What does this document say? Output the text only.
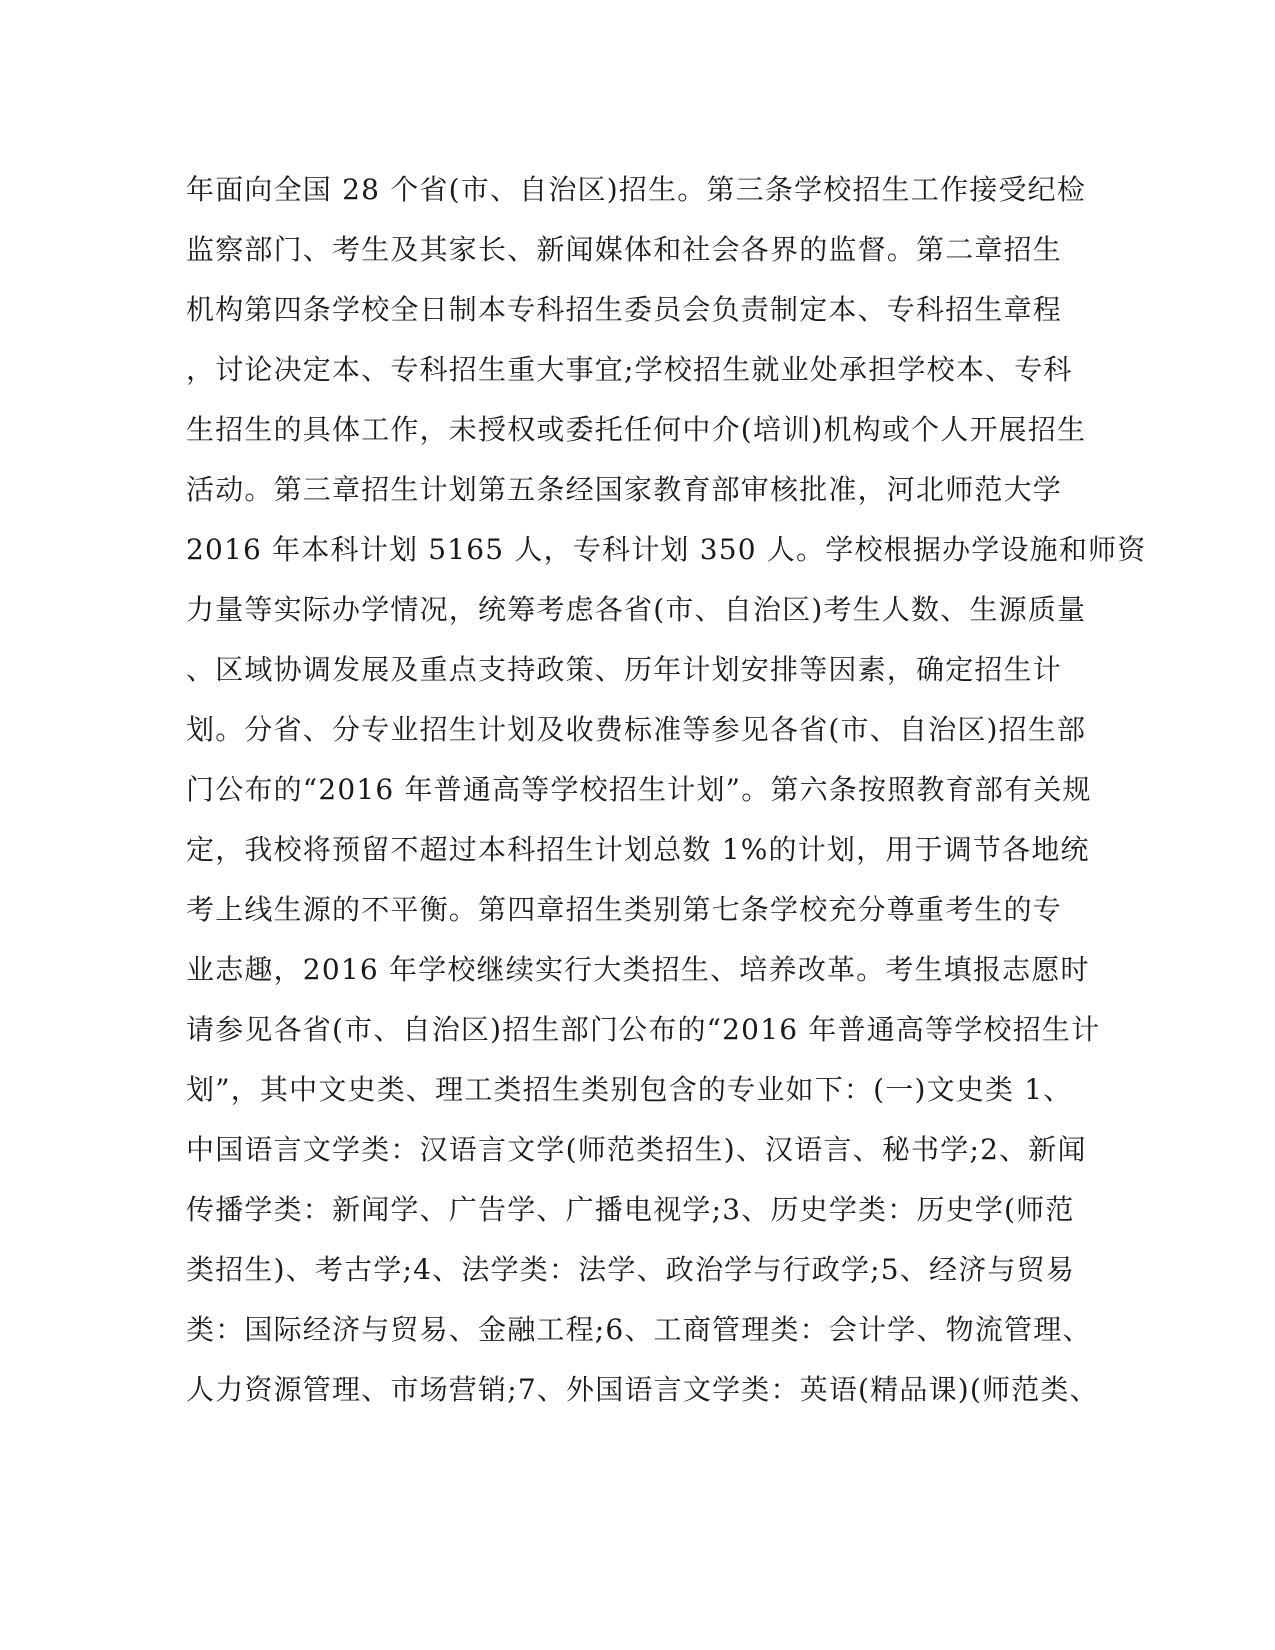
年面向全国 28 个省(市、自治区)招生。第三条学校招生工作接受纪检
监察部门、考生及其家长、新闻媒体和社会各界的监督。第二章招生
机构第四条学校全日制本专科招生委员会负责制定本、专科招生章程
，讨论决定本、专科招生重大事宜;学校招生就业处承担学校本、专科
生招生的具体工作，未授权或委托任何中介(培训)机构或个人开展招生
活动。第三章招生计划第五条经国家教育部审核批准，河北师范大学
2016 年本科计划 5165 人，专科计划 350 人。学校根据办学设施和师资
力量等实际办学情况，统筹考虑各省(市、自治区)考生人数、生源质量
、区域协调发展及重点支持政策、历年计划安排等因素，确定招生计
划。分省、分专业招生计划及收费标准等参见各省(市、自治区)招生部
门公布的“2016 年普通高等学校招生计划”。第六条按照教育部有关规
定，我校将预留不超过本科招生计划总数 1%的计划，用于调节各地统
考上线生源的不平衡。第四章招生类别第七条学校充分尊重考生的专
业志趣，2016 年学校继续实行大类招生、培养改革。考生填报志愿时
请参见各省(市、自治区)招生部门公布的“2016 年普通高等学校招生计
划”，其中文史类、理工类招生类别包含的专业如下：(一)文史类 1、
中国语言文学类：汉语言文学(师范类招生)、汉语言、秘书学;2、新闻
传播学类：新闻学、广告学、广播电视学;3、历史学类：历史学(师范
类招生)、考古学;4、法学类：法学、政治学与行政学;5、经济与贸易
类：国际经济与贸易、金融工程;6、工商管理类：会计学、物流管理、
人力资源管理、市场营销;7、外国语言文学类：英语(精品课)(师范类、
